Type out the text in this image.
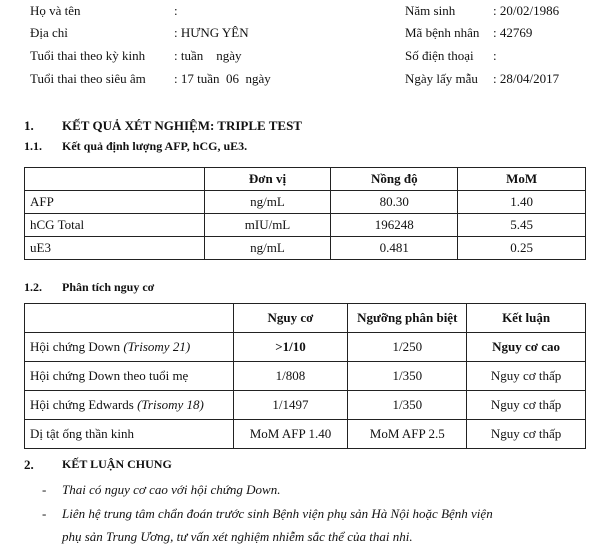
Họ và tên	:
Địa chỉ	: HƯNG YÊN
Tuổi thai theo kỳ kinh : tuần    ngày
Tuổi thai theo siêu âm : 17 tuần  06  ngày
Năm sinh	: 20/02/1986
Mã bệnh nhân : 42769
Số điện thoại :
Ngày lấy mẫu : 28/04/2017
1. KẾT QUẢ XÉT NGHIỆM: TRIPLE TEST
1.1. Kết quả định lượng AFP, hCG, uE3.
	Đơn vị	Nồng độ	MoM
AFP	ng/mL	80.30	1.40
hCG Total	mIU/mL	196248	5.45
uE3	ng/mL	0.481	0.25
1.2. Phân tích nguy cơ
	Nguy cơ	Ngưỡng phân biệt	Kết luận
Hội chứng Down (Trisomy 21)	>1/10	1/250	Nguy cơ cao
Hội chứng Down theo tuổi mẹ	1/808	1/350	Nguy cơ thấp
Hội chứng Edwards (Trisomy 18)	1/1497	1/350	Nguy cơ thấp
Dị tật ống thần kinh	MoM AFP 1.40	MoM AFP 2.5	Nguy cơ thấp
2. KẾT LUẬN CHUNG
- Thai có nguy cơ cao với hội chứng Down.
- Liên hệ trung tâm chẩn đoán trước sinh Bệnh viện phụ sản Hà Nội hoặc Bệnh viện
phụ sản Trung Ương, tư vấn xét nghiệm nhiễm sắc thể của thai nhi.
